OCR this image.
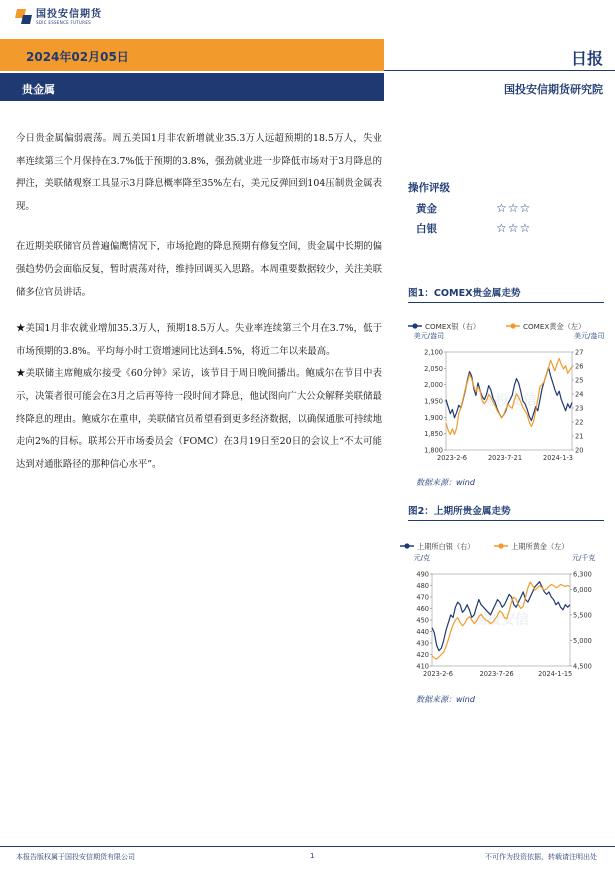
国投安信期货
SDIC ESSENCE FUTURES
2024年02月05日	日报
贵金属	国投安信期货研究院

今日贵金属偏弱震荡。周五美国1月非农新增就业35.3万人远超预期的18.5万人，失业率连续第三个月保持在3.7%低于预期的3.8%，强劲就业进一步降低市场对于3月降息的押注，美联储观察工具显示3月降息概率降至35%左右，美元反弹回到104压制贵金属表现。

在近期美联储官员普遍偏鹰情况下，市场抢跑的降息预期有修复空间，贵金属中长期的偏强趋势仍会面临反复，暂时震荡对待，维持回调买入思路。本周重要数据较少，关注美联储多位官员讲话。

★美国1月非农就业增加35.3万人，预期18.5万人。失业率连续第三个月在3.7%，低于市场预期的3.8%。平均每小时工资增速同比达到4.5%，将近二年以来最高。

★美联储主席鲍威尔接受《60分钟》采访，该节目于周日晚间播出。鲍威尔在节目中表示，决策者很可能会在3月之后再等待一段时间才降息，他试图向广大公众解释美联储最终降息的理由。鲍威尔在重申，美联储官员希望看到更多经济数据，以确保通胀可持续地走向2%的目标。联邦公开市场委员会（FOMC）在3月19日至20日的会议上“不太可能达到对通胀路径的那种信心水平”。

操作评级
黄金	☆☆☆
白银	☆☆☆
图1：COMEX贵金属走势
COMEX银（右）	COMEX黄金（左）
美元/盎司	美元/盎司
1,800
1,850
1,900
1,950
2,000
2,050
2,100
20
21
22
23
24
25
26
27
2023-2-6	2023-7-21	2024-1-3
国投安信
数据来源：wind
图2：上期所贵金属走势
上期所白银（右）	上期所黄金（左）
元/克	元/千克
410
420
430
440
450
460
470
480
490
4,500
5,000
5,500
6,000
6,300
2023-2-6	2023-7-26	2024-1-15
国投安信
数据来源：wind
本报告版权属于国投安信期货有限公司	1	不可作为投资依据，转载请注明出处
